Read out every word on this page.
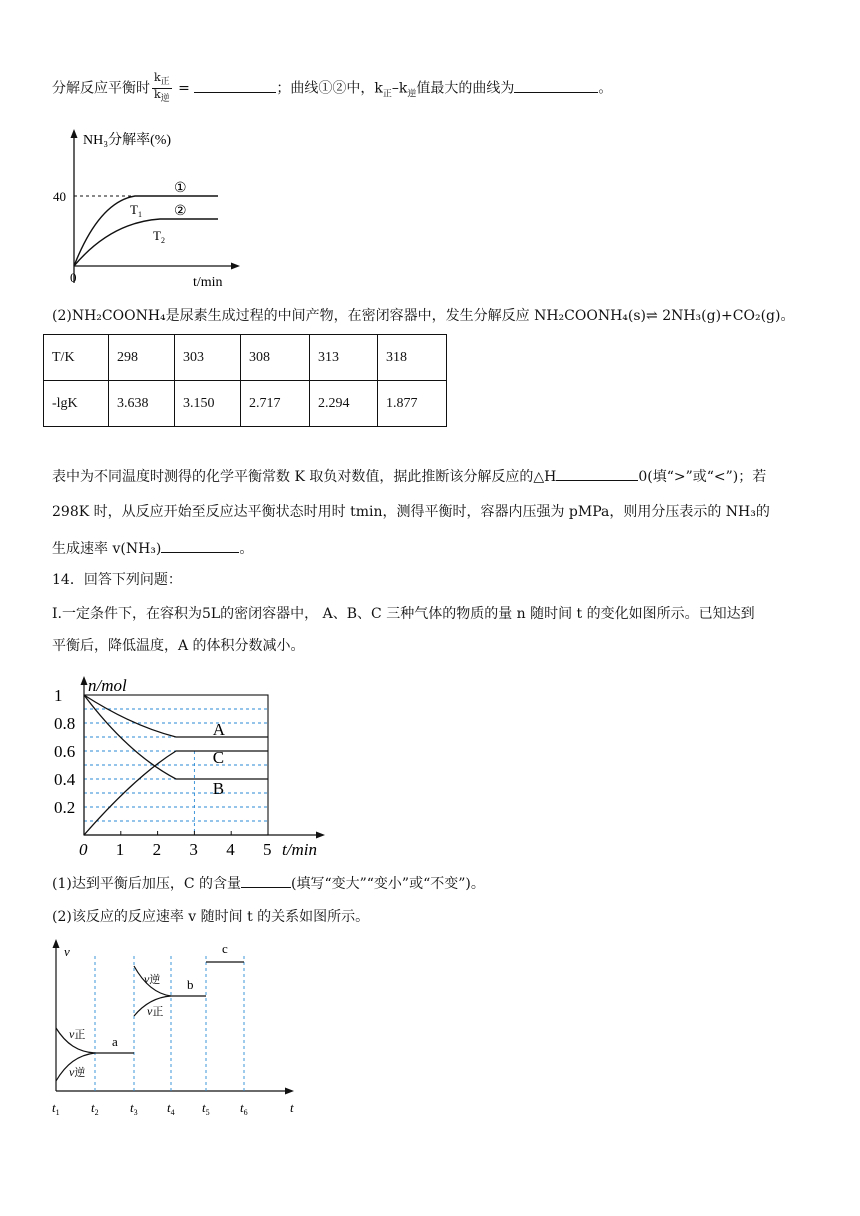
分解反应平衡时 $\frac{k_正}{k_逆}$ =	；曲线①②中，$k_正-k_逆$值最大的曲线为	。
NH₃分解率(%)
40
0	t/min
①
②
$T_1$
$T_2$
(2)NH₂COONH₄是尿素生成过程的中间产物，在密闭容器中，发生分解反应 NH₂COONH₄(s)⇌ 2NH₃(g)+CO₂(g)。
T/K	298	303	308	313	318
-lgK	3.638	3.150	2.717	2.294	1.877
表中为不同温度时测得的化学平衡常数 K 取负对数值，据此推断该分解反应的△H	0(填“>”或“<”)；若
298K 时，从反应开始至反应达平衡状态时用时 tmin，测得平衡时，容器内压强为 pMPa，则用分压表示的 NH₃的
生成速率 v(NH₃)	。
14．回答下列问题：
I.一定条件下，在容积为5L的密闭容器中， A、B、C 三种气体的物质的量 n 随时间 t 的变化如图所示。已知达到
平衡后，降低温度，A 的体积分数减小。
0 1 2 3 4 5
0.2
0.4
0.6
0.8
1
n/mol
t/min
A
B
C
(1)达到平衡后加压，C 的含量	(填写“变大”“变小”或“不变”)。
(2)该反应的反应速率 v 随时间 t 的关系如图所示。
v
t
a
b
c
v正
v逆
v逆
v正
$t_1$ $t_2$ $t_3$ $t_4$ $t_5$ $t_6$
